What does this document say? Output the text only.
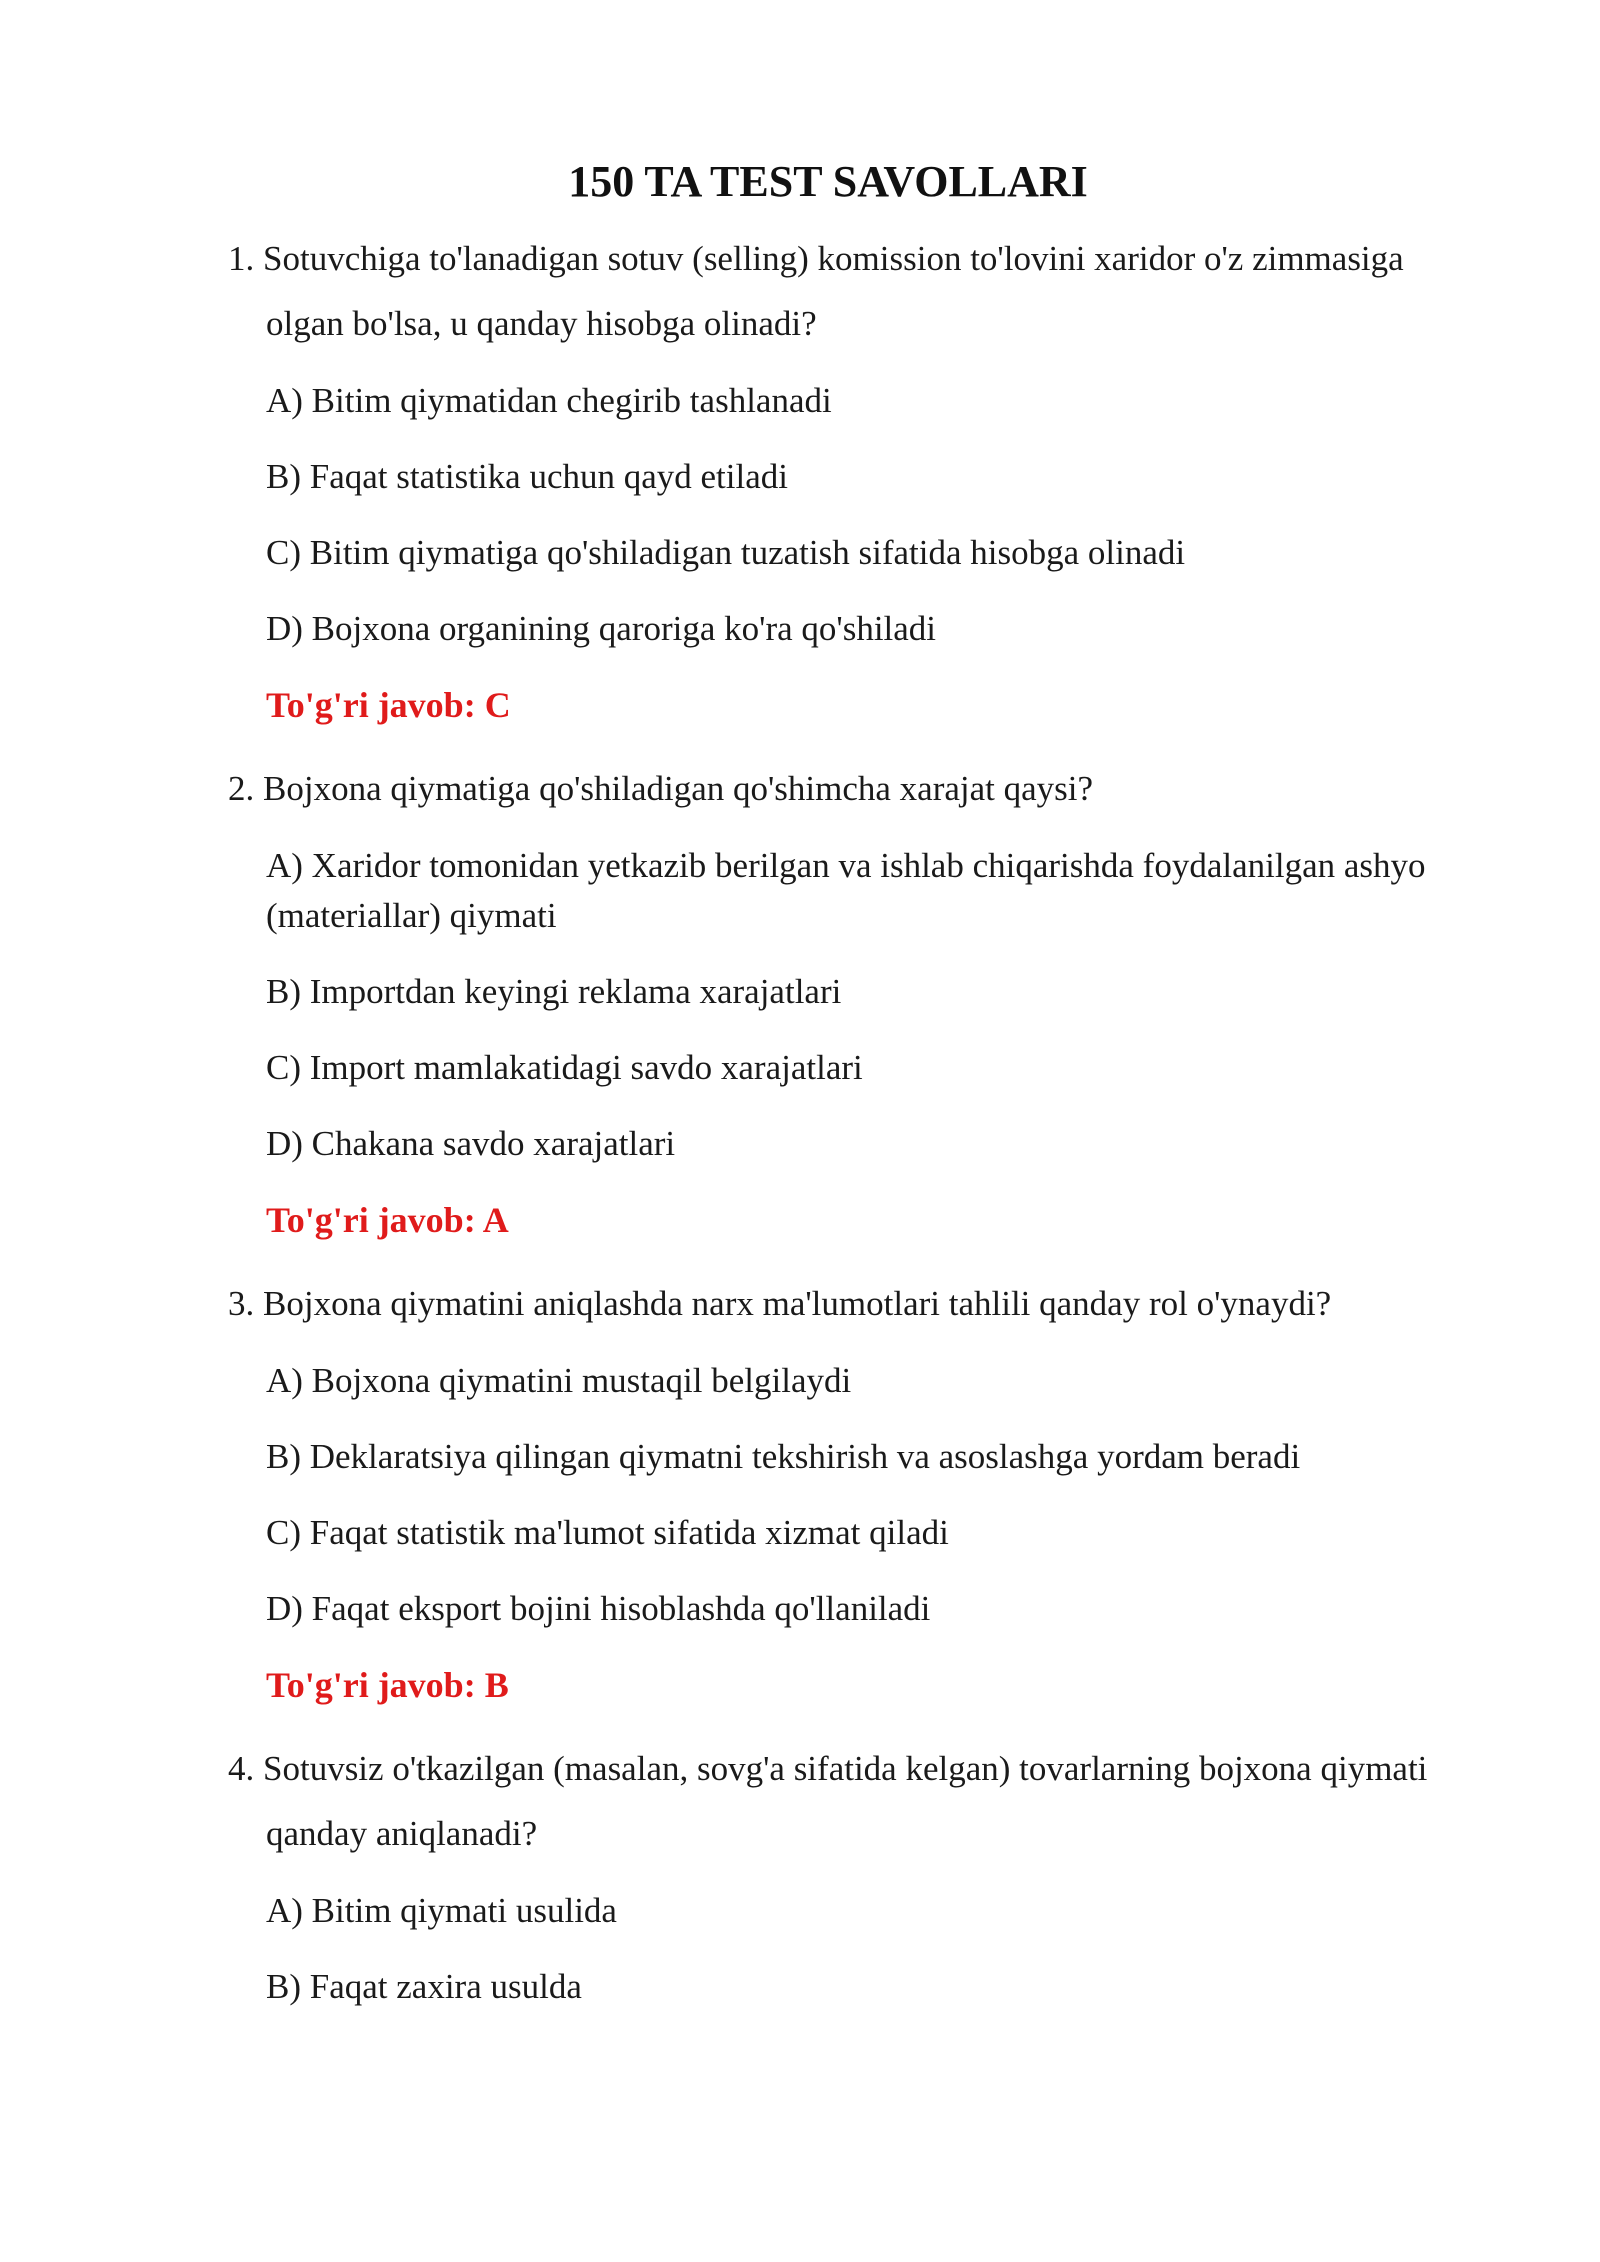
150 TA TEST SAVOLLARI

1. Sotuvchiga to'lanadigan sotuv (selling) komission to'lovini xaridor o'z zimmasiga olgan bo'lsa, u qanday hisobga olinadi?

A) Bitim qiymatidan chegirib tashlanadi
B) Faqat statistika uchun qayd etiladi
C) Bitim qiymatiga qo'shiladigan tuzatish sifatida hisobga olinadi
D) Bojxona organining qaroriga ko'ra qo'shiladi

To'g'ri javob: C

2. Bojxona qiymatiga qo'shiladigan qo'shimcha xarajat qaysi?

A) Xaridor tomonidan yetkazib berilgan va ishlab chiqarishda foydalanilgan ashyo (materiallar) qiymati
B) Importdan keyingi reklama xarajatlari
C) Import mamlakatidagi savdo xarajatlari
D) Chakana savdo xarajatlari

To'g'ri javob: A

3. Bojxona qiymatini aniqlashda narx ma'lumotlari tahlili qanday rol o'ynaydi?

A) Bojxona qiymatini mustaqil belgilaydi
B) Deklaratsiya qilingan qiymatni tekshirish va asoslashga yordam beradi
C) Faqat statistik ma'lumot sifatida xizmat qiladi
D) Faqat eksport bojini hisoblashda qo'llaniladi

To'g'ri javob: B

4. Sotuvsiz o'tkazilgan (masalan, sovg'a sifatida kelgan) tovarlarning bojxona qiymati qanday aniqlanadi?

A) Bitim qiymati usulida
B) Faqat zaxira usulda
